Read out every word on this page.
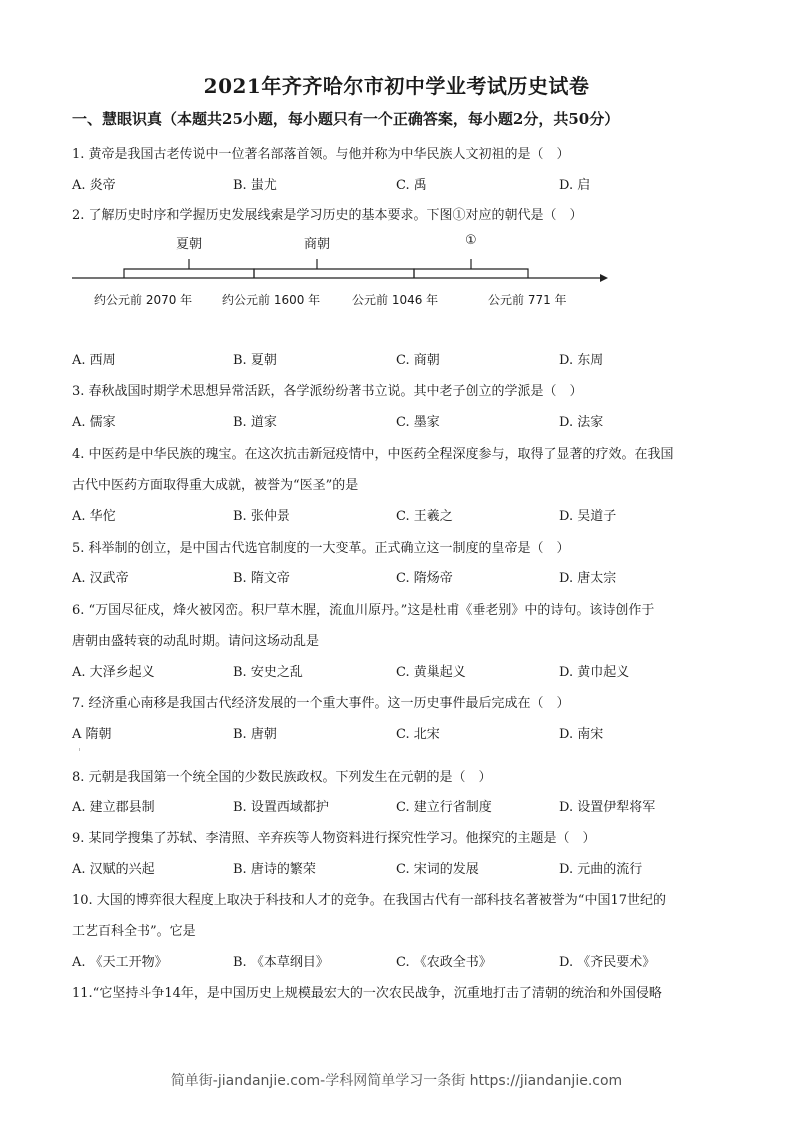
2021年齐齐哈尔市初中学业考试历史试卷
一、慧眼识真（本题共25小题，每小题只有一个正确答案，每小题2分，共50分）
1. 黄帝是我国古老传说中一位著名部落首领。与他并称为中华民族人文初祖的是（　）
A. 炎帝	B. 蚩尤	C. 禹	D. 启
2. 了解历史时序和学握历史发展线索是学习历史的基本要求。下图①对应的朝代是（　）
夏朝	商朝	①
约公元前 2070 年 约公元前 1600 年	公元前 1046 年	公元前 771 年
A. 西周	B. 夏朝	C. 商朝	D. 东周
3. 春秋战国时期学术思想异常活跃，各学派纷纷著书立说。其中老子创立的学派是（　）
A. 儒家	B. 道家	C. 墨家	D. 法家
4. 中医药是中华民族的瑰宝。在这次抗击新冠疫情中，中医药全程深度参与，取得了显著的疗效。在我国
古代中医药方面取得重大成就，被誉为“医圣”的是
A. 华佗	B. 张仲景	C. 王羲之	D. 吴道子
5. 科举制的创立，是中国古代选官制度的一大变革。正式确立这一制度的皇帝是（　）
A. 汉武帝	B. 隋文帝	C. 隋炀帝	D. 唐太宗
6. “万国尽征戍，烽火被冈峦。积尸草木腥，流血川原丹。”这是杜甫《垂老别》中的诗句。该诗创作于
唐朝由盛转衰的动乱时期。请问这场动乱是
A. 大泽乡起义	B. 安史之乱	C. 黄巢起义	D. 黄巾起义
7. 经济重心南移是我国古代经济发展的一个重大事件。这一历史事件最后完成在（　）
A 隋朝	B. 唐朝	C. 北宋	D. 南宋
8. 元朝是我国第一个统全国的少数民族政权。下列发生在元朝的是（　）
A. 建立郡县制	B. 设置西域都护	C. 建立行省制度	D. 设置伊犁将军
9. 某同学搜集了苏轼、李清照、辛弃疾等人物资料进行探究性学习。他探究的主题是（　）
A. 汉赋的兴起	B. 唐诗的繁荣	C. 宋词的发展	D. 元曲的流行
10. 大国的博弈很大程度上取决于科技和人才的竞争。在我国古代有一部科技名著被誉为“中国17世纪的
工艺百科全书”。它是
A. 《天工开物》	B. 《本草纲目》	C. 《农政全书》	D. 《齐民要术》
11.“它坚持斗争14年，是中国历史上规模最宏大的一次农民战争，沉重地打击了清朝的统治和外国侵略
简单街-jiandanjie.com-学科网简单学习一条街 https://jiandanjie.com
